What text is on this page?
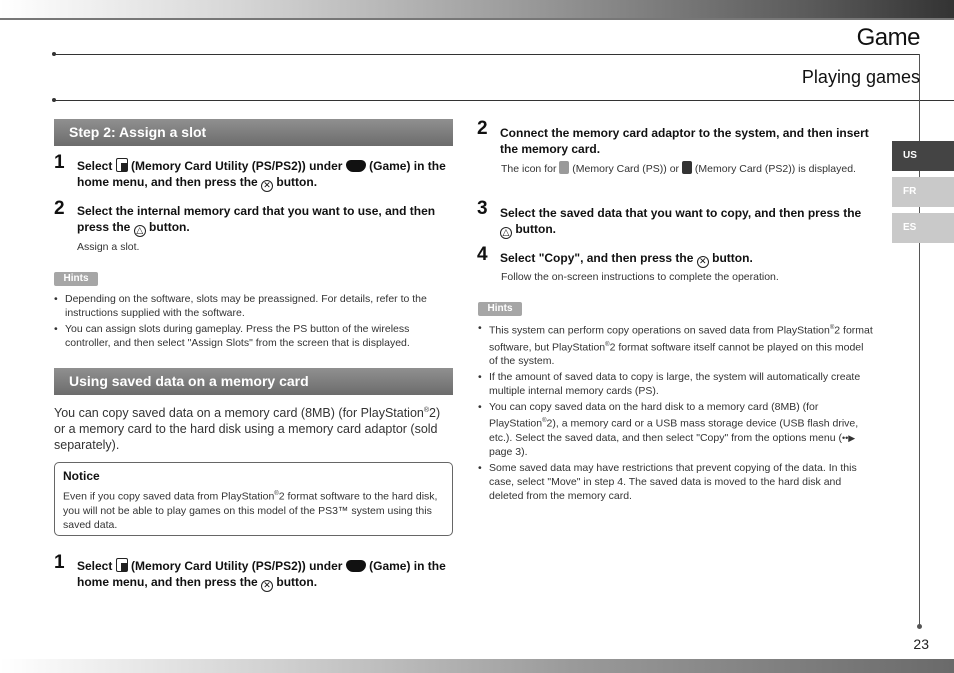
Game
Playing games
US
FR
ES
Step 2: Assign a slot
1 Select (Memory Card Utility (PS/PS2)) under (Game) in the home menu, and then press the ✕ button.
2 Select the internal memory card that you want to use, and then press the △ button.
Assign a slot.
Hints
• Depending on the software, slots may be preassigned. For details, refer to the instructions supplied with the software.
• You can assign slots during gameplay. Press the PS button of the wireless controller, and then select "Assign Slots" from the screen that is displayed.
Using saved data on a memory card
You can copy saved data on a memory card (8MB) (for PlayStation®2) or a memory card to the hard disk using a memory card adaptor (sold separately).
Notice
Even if you copy saved data from PlayStation®2 format software to the hard disk, you will not be able to play games on this model of the PS3™ system using this saved data.
1 Select (Memory Card Utility (PS/PS2)) under (Game) in the home menu, and then press the ✕ button.
2 Connect the memory card adaptor to the system, and then insert the memory card.
The icon for (Memory Card (PS)) or (Memory Card (PS2)) is displayed.
3 Select the saved data that you want to copy, and then press the △ button.
4 Select "Copy", and then press the ✕ button.
Follow the on-screen instructions to complete the operation.
Hints
• This system can perform copy operations on saved data from PlayStation®2 format software, but PlayStation®2 format software itself cannot be played on this model of the system.
• If the amount of saved data to copy is large, the system will automatically create multiple internal memory cards (PS).
• You can copy saved data on the hard disk to a memory card (8MB) (for PlayStation®2), a memory card or a USB mass storage device (USB flash drive, etc.). Select the saved data, and then select "Copy" from the options menu (••▶ page 3).
• Some saved data may have restrictions that prevent copying of the data. In this case, select "Move" in step 4. The saved data is moved to the hard disk and deleted from the memory card.
23
